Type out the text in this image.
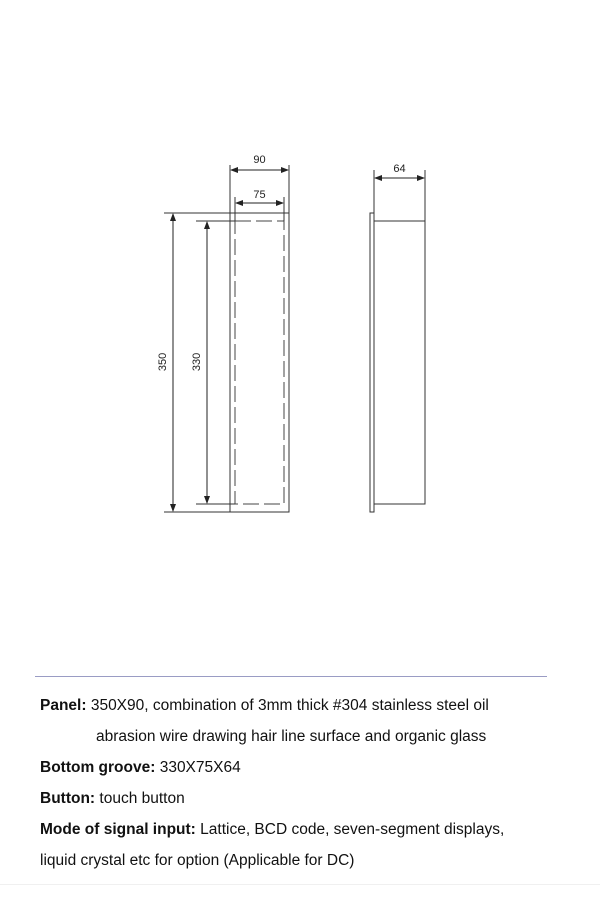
90
75
350 330
64
Panel: 350X90, combination of 3mm thick #304 stainless steel oil
abrasion wire drawing hair line surface and organic glass
Bottom groove: 330X75X64
Button: touch button
Mode of signal input: Lattice, BCD code, seven-segment displays,
liquid crystal etc for option (Applicable for DC)
